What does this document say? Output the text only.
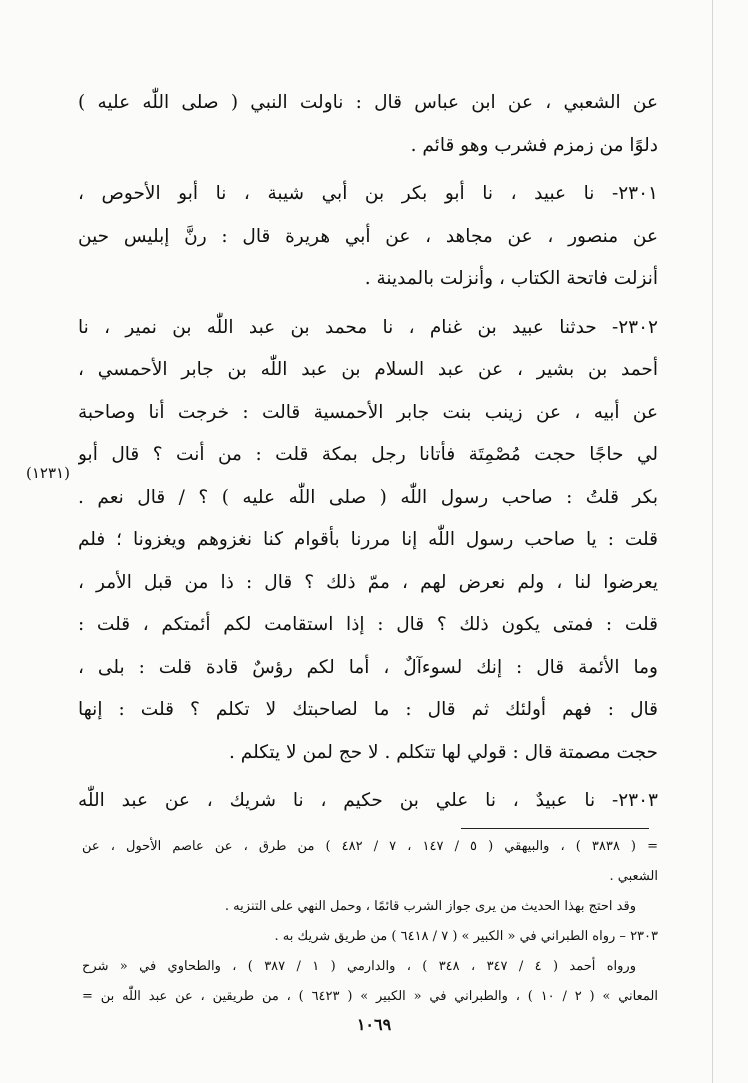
عن الشعبي ، عن ابن عباس قال : ناولت النبي ( صلى اللّٰه عليه )
دلوًا من زمزم فشرب وهو قائم .

٢٣٠١- نا عبيد ، نا أبو بكر بن أبي شيبة ، نا أبو الأحوص ،
عن منصور ، عن مجاهد ، عن أبي هريرة قال : رنَّ إبليس حين
أنزلت فاتحة الكتاب ، وأنزلت بالمدينة .

٢٣٠٢- حدثنا عبيد بن غنام ، نا محمد بن عبد اللّٰه بن نمير ، نا
أحمد بن بشير ، عن عبد السلام بن عبد اللّٰه بن جابر الأحمسي ،
عن أبيه ، عن زينب بنت جابر الأحمسية قالت : خرجت أنا وصاحبة
لي حاجًا حجت مُصْمِتَة فأتانا رجل بمكة قلت : من أنت ؟ قال أبو
بكر قلتُ : صاحب رسول اللّٰه ( صلى اللّٰه عليه ) ؟ / قال نعم .
قلت : يا صاحب رسول اللّٰه إنا مررنا بأقوام كنا نغزوهم ويغزونا ؛ فلم
يعرضوا لنا ، ولم نعرض لهم ، ممّ ذلك ؟ قال : ذا من قبل الأمر ،
قلت : فمتى يكون ذلك ؟ قال : إذا استقامت لكم أئمتكم ، قلت :
وما الأئمة قال : إنك لسوءآلٌ ، أما لكم رؤسٌ قادة قلت : بلى ،
قال : فهم أولئك ثم قال : ما لصاحبتك لا تكلم ؟ قلت : إنها
حجت مصمتة قال : قولي لها تتكلم . لا حج لمن لا يتكلم .

٢٣٠٣- نا عبيدٌ ، نا علي بن حكيم ، نا شريك ، عن عبد اللّٰه

(١٢٣١)
= ( ٣٨٣٨ ) ، والبيهقي ( ٥ / ١٤٧ ، ٧ / ٤٨٢ ) من طرق ، عن عاصم الأحول ، عن
الشعبي .
وقد احتج بهذا الحديث من يرى جواز الشرب قائمًا ، وحمل النهي على التنزيه .
٢٣٠٣ – رواه الطبراني في « الكبير » ( ٧ / ٦٤١٨ ) من طريق شريك به .
ورواه أحمد ( ٤ / ٣٤٧ ، ٣٤٨ ) ، والدارمي ( ١ / ٣٨٧ ) ، والطحاوي في « شرح
المعاني » ( ٢ / ١٠ ) ، والطبراني في « الكبير » ( ٦٤٢٣ ) ، من طريقين ، عن عبد اللّٰه بن =
١٠٦٩
